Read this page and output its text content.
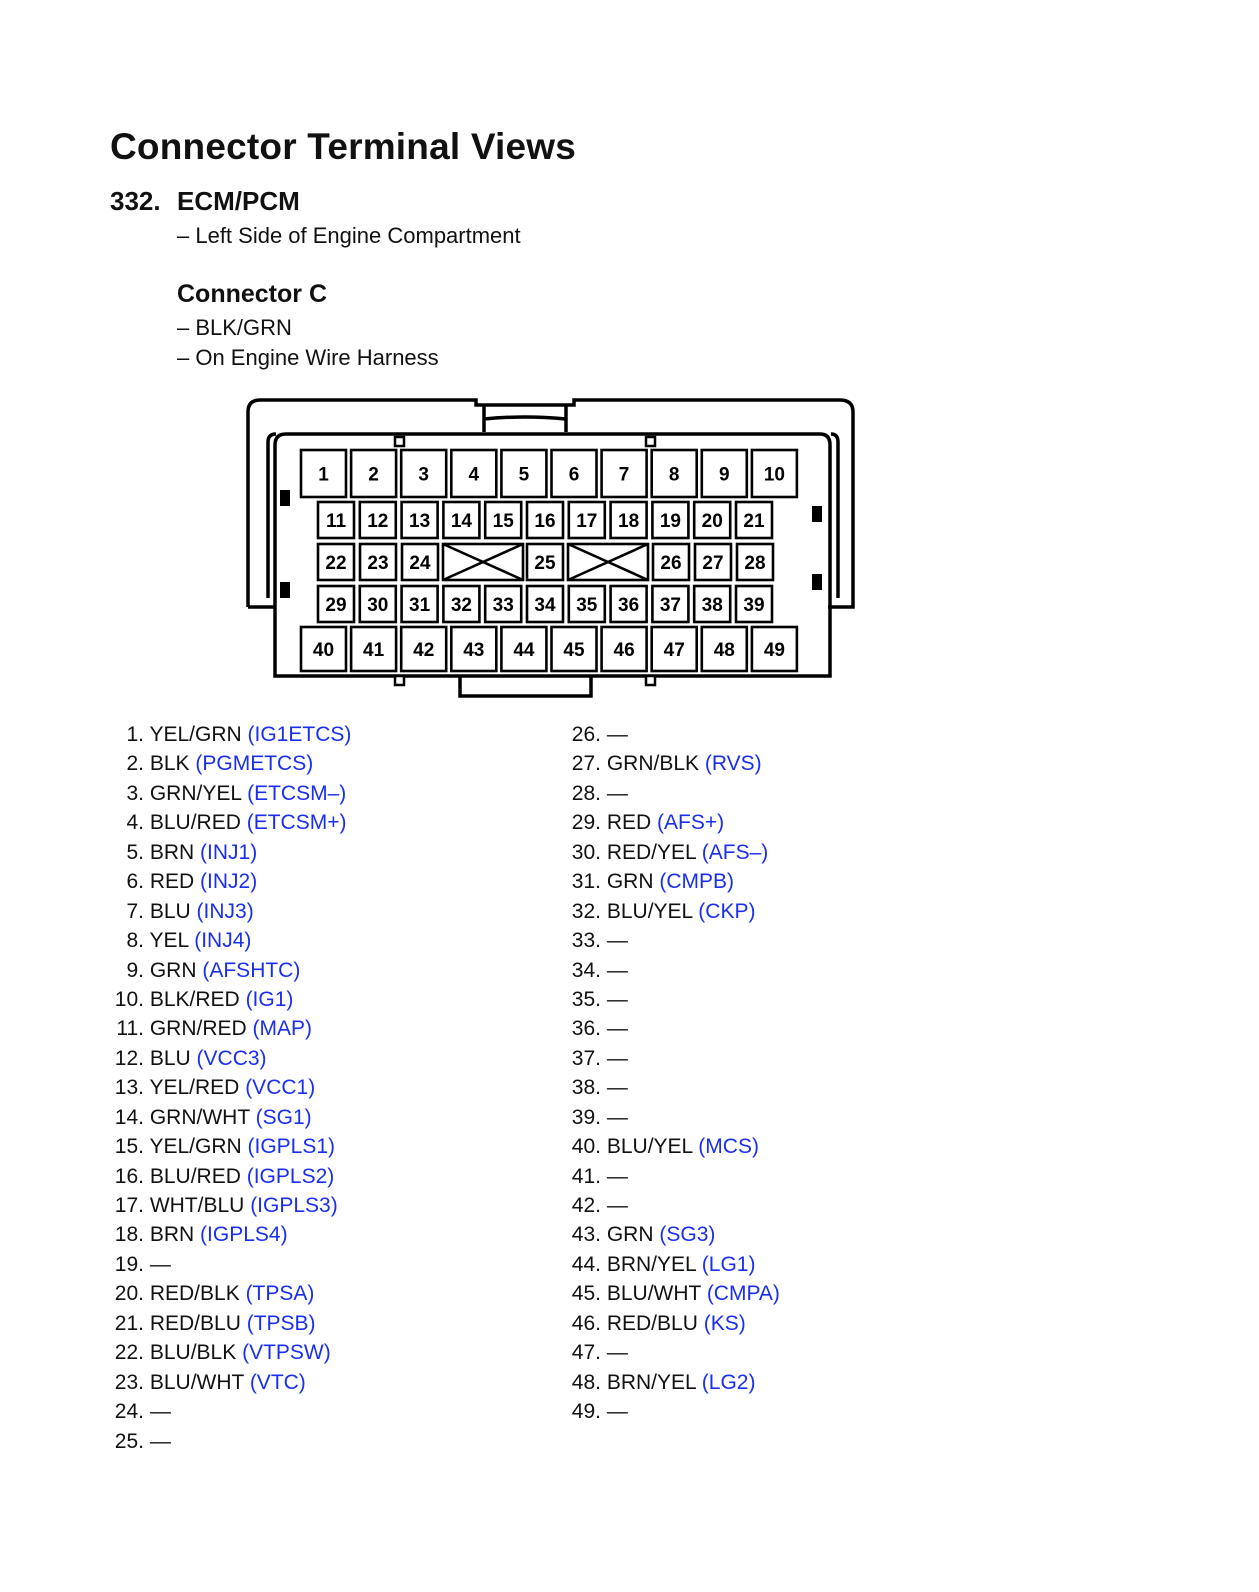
Connector Terminal Views
332. ECM/PCM
– Left Side of Engine Compartment
Connector C
– BLK/GRN
– On Engine Wire Harness
1 2 3 4 5 6 7 8 9 10
11 12 13 14 15 16 17 18 19 20 21
22 23 24	25	26 27 28
29 30 31 32 33 34 35 36 37 38 39
40 41 42 43 44 45 46 47 48 49
1. YEL/GRN (IG1ETCS)
2. BLK (PGMETCS)
3. GRN/YEL (ETCSM–)
4. BLU/RED (ETCSM+)
5. BRN (INJ1)
6. RED (INJ2)
7. BLU (INJ3)
8. YEL (INJ4)
9. GRN (AFSHTC)
10. BLK/RED (IG1)
11. GRN/RED (MAP)
12. BLU (VCC3)
13. YEL/RED (VCC1)
14. GRN/WHT (SG1)
15. YEL/GRN (IGPLS1)
16. BLU/RED (IGPLS2)
17. WHT/BLU (IGPLS3)
18. BRN (IGPLS4)
19. —
20. RED/BLK (TPSA)
21. RED/BLU (TPSB)
22. BLU/BLK (VTPSW)
23. BLU/WHT (VTC)
24. —
25. —
26. —
27. GRN/BLK (RVS)
28. —
29. RED (AFS+)
30. RED/YEL (AFS–)
31. GRN (CMPB)
32. BLU/YEL (CKP)
33. —
34. —
35. —
36. —
37. —
38. —
39. —
40. BLU/YEL (MCS)
41. —
42. —
43. GRN (SG3)
44. BRN/YEL (LG1)
45. BLU/WHT (CMPA)
46. RED/BLU (KS)
47. —
48. BRN/YEL (LG2)
49. —
